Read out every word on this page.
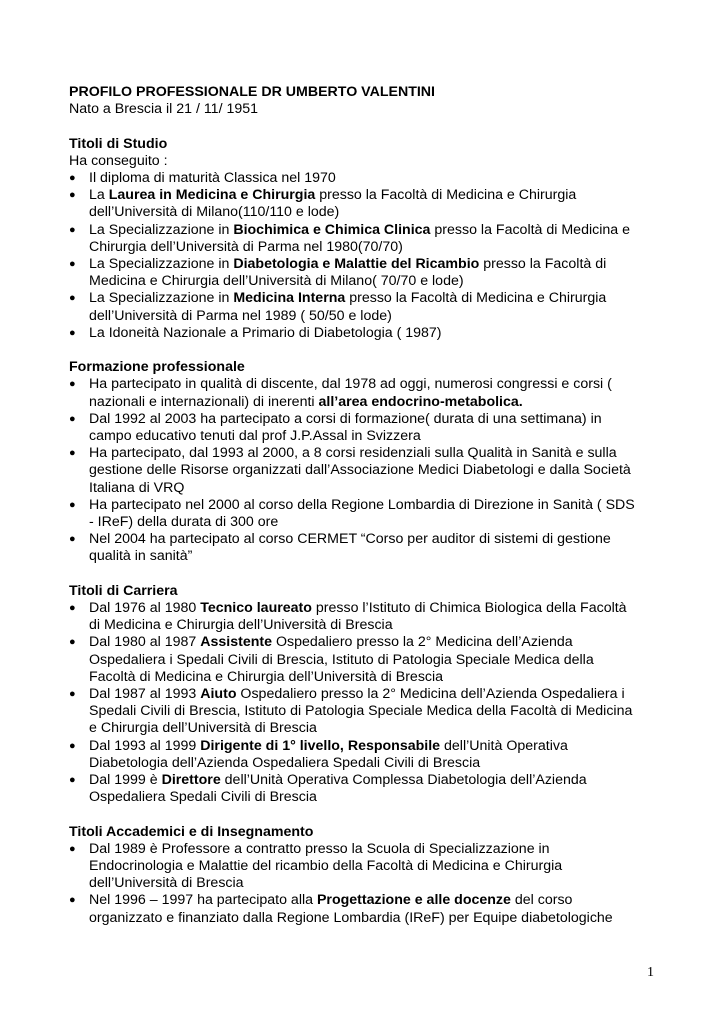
PROFILO PROFESSIONALE DR UMBERTO VALENTINI

Nato a Brescia il 21 / 11/ 1951

Titoli di Studio

Ha conseguito :

● Il diploma di maturità Classica nel 1970
● La Laurea in Medicina e Chirurgia presso la Facoltà di Medicina e Chirurgia
dell’Università di Milano(110/110 e lode)
● La Specializzazione in Biochimica e Chimica Clinica presso la Facoltà di Medicina e
Chirurgia dell’Università di Parma nel 1980(70/70)
● La Specializzazione in Diabetologia e Malattie del Ricambio presso la Facoltà di
Medicina e Chirurgia dell’Università di Milano( 70/70 e lode)
● La Specializzazione in Medicina Interna presso la Facoltà di Medicina e Chirurgia
dell’Università di Parma nel 1989 ( 50/50 e lode)
● La Idoneità Nazionale a Primario di Diabetologia ( 1987)

Formazione professionale

● Ha partecipato in qualità di discente, dal 1978 ad oggi, numerosi congressi e corsi (
nazionali e internazionali) di inerenti all’area endocrino-metabolica.
● Dal 1992 al 2003 ha partecipato a corsi di formazione( durata di una settimana) in
campo educativo tenuti dal prof J.P.Assal in Svizzera
● Ha partecipato, dal 1993 al 2000, a 8 corsi residenziali sulla Qualità in Sanità e sulla
gestione delle Risorse organizzati dall’Associazione Medici Diabetologi e dalla Società
Italiana di VRQ
● Ha partecipato nel 2000 al corso della Regione Lombardia di Direzione in Sanità ( SDS
- IReF) della durata di 300 ore
● Nel 2004 ha partecipato al corso CERMET “Corso per auditor di sistemi di gestione
qualità in sanità”

Titoli di Carriera

● Dal 1976 al 1980 Tecnico laureato presso l’Istituto di Chimica Biologica della Facoltà
di Medicina e Chirurgia dell’Università di Brescia
● Dal 1980 al 1987 Assistente Ospedaliero presso la 2° Medicina dell’Azienda
Ospedaliera i Spedali Civili di Brescia, Istituto di Patologia Speciale Medica della
Facoltà di Medicina e Chirurgia dell’Università di Brescia
● Dal 1987 al 1993 Aiuto Ospedaliero presso la 2° Medicina dell’Azienda Ospedaliera i
Spedali Civili di Brescia, Istituto di Patologia Speciale Medica della Facoltà di Medicina
e Chirurgia dell’Università di Brescia
● Dal 1993 al 1999 Dirigente di 1° livello, Responsabile dell’Unità Operativa
Diabetologia dell’Azienda Ospedaliera Spedali Civili di Brescia
● Dal 1999 è Direttore dell’Unità Operativa Complessa Diabetologia dell’Azienda
Ospedaliera Spedali Civili di Brescia

Titoli Accademici e di Insegnamento

● Dal 1989 è Professore a contratto presso la Scuola di Specializzazione in
Endocrinologia e Malattie del ricambio della Facoltà di Medicina e Chirurgia
dell’Università di Brescia
● Nel 1996 – 1997 ha partecipato alla Progettazione e alle docenze del corso
organizzato e finanziato dalla Regione Lombardia (IReF) per Equipe diabetologiche
1
